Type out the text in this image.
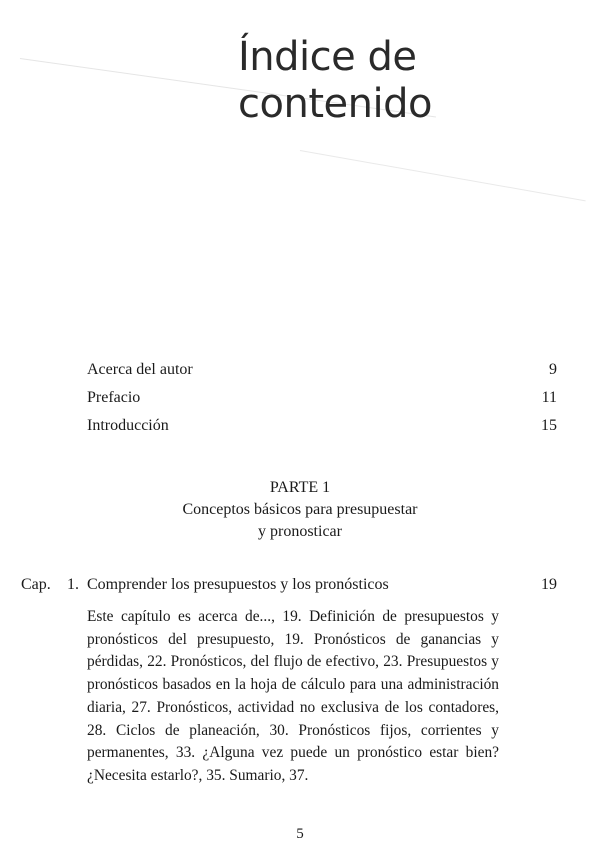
Índice de
contenido
Acerca del autor	9
Prefacio	11
Introducción	15
PARTE 1
Conceptos básicos para presupuestar
y pronosticar
Cap. 1. Comprender los presupuestos y los pronósticos	19

Este capítulo es acerca de..., 19. Definición de presupuestos y pronósticos del presupuesto, 19. Pronósticos de ganancias y pérdidas, 22. Pronósticos, del flujo de efectivo, 23. Presupuestos y pronósticos basados en la hoja de cálculo para una administración diaria, 27. Pronósticos, actividad no exclusiva de los contadores, 28. Ciclos de planeación, 30. Pronósticos fijos, corrientes y permanentes, 33. ¿Alguna vez puede un pronóstico estar bien? ¿Necesita estarlo?, 35. Sumario, 37.

5
